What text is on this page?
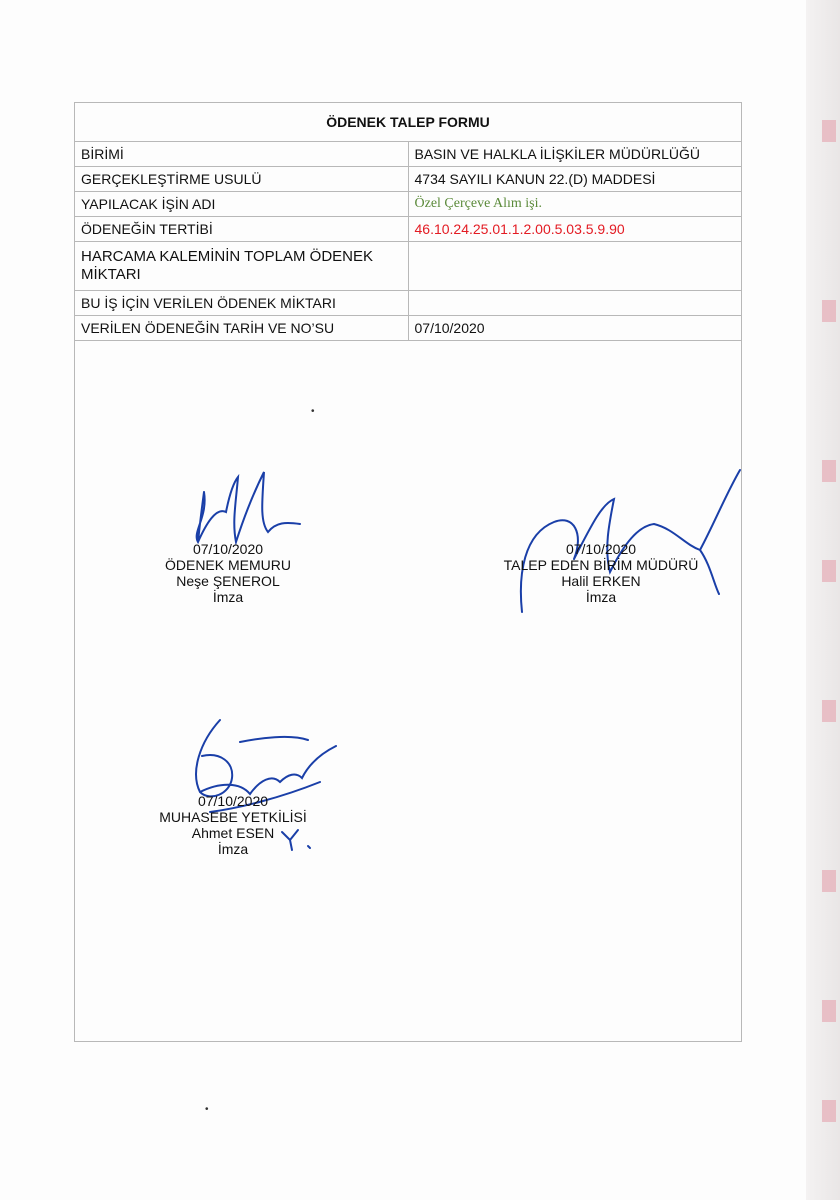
ÖDENEK TALEP FORMU	
BİRİMİ	BASIN VE HALKLA İLİŞKİLER MÜDÜRLÜĞÜ
GERÇEKLEŞTİRME USULÜ	4734 SAYILI KANUN 22.(D) MADDESİ
YAPILACAK İŞİN ADI	Özel Çerçeve Alım işi.
ÖDENEĞİN TERTİBİ	46.10.24.25.01.1.2.00.5.03.5.9.90
HARCAMA KALEMİNİN TOPLAM ÖDENEK MİKTARI	
BU İŞ İÇİN VERİLEN ÖDENEK MİKTARI	
VERİLEN ÖDENEĞİN TARİH VE NO’SU	07/10/2020
•
07/10/2020
ÖDENEK MEMURU
Neşe ŞENEROL
İmza
07/10/2020
TALEP EDEN BİRİM MÜDÜRÜ
Halil ERKEN
İmza
07/10/2020
MUHASEBE YETKİLİSİ
Ahmet ESEN
İmza
•
